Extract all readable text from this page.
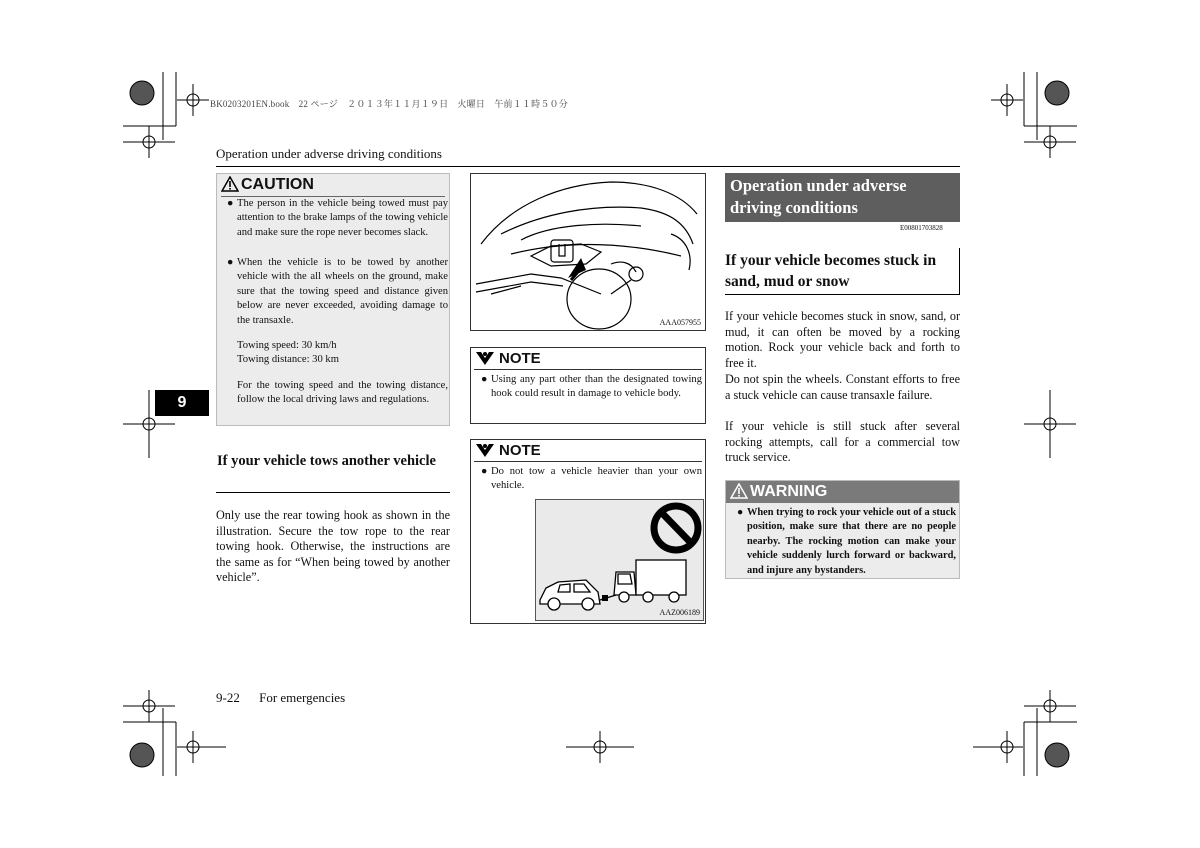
BK0203201EN.book　22 ページ　２０１３年１１月１９日　火曜日　午前１１時５０分
Operation under adverse driving conditions
9
CAUTION
● The person in the vehicle being towed must pay attention to the brake lamps of the towing vehicle and make sure the rope never becomes slack.
● When the vehicle is to be towed by another vehicle with the all wheels on the ground, make sure that the towing speed and distance given below are never exceeded, avoiding damage to the transaxle.
Towing speed: 30 km/h
Towing distance: 30 km
For the towing speed and the towing distance, follow the local driving laws and regulations.
If your vehicle tows another vehicle
Only use the rear towing hook as shown in the illustration. Secure the tow rope to the rear towing hook. Otherwise, the instructions are the same as for “When being towed by another vehicle”.
AAA057955
NOTE
● Using any part other than the designated towing hook could result in damage to vehicle body.
NOTE
● Do not tow a vehicle heavier than your own vehicle.
AAZ006189
Operation under adverse driving conditions
E00801703828
If your vehicle becomes stuck in sand, mud or snow
If your vehicle becomes stuck in snow, sand, or mud, it can often be moved by a rocking motion. Rock your vehicle back and forth to free it.
Do not spin the wheels. Constant efforts to free a stuck vehicle can cause transaxle failure.
If your vehicle is still stuck after several rocking attempts, call for a commercial tow truck service.
WARNING
● When trying to rock your vehicle out of a stuck position, make sure that there are no people nearby. The rocking motion can make your vehicle suddenly lurch forward or backward, and injure any bystanders.
9-22 For emergencies
